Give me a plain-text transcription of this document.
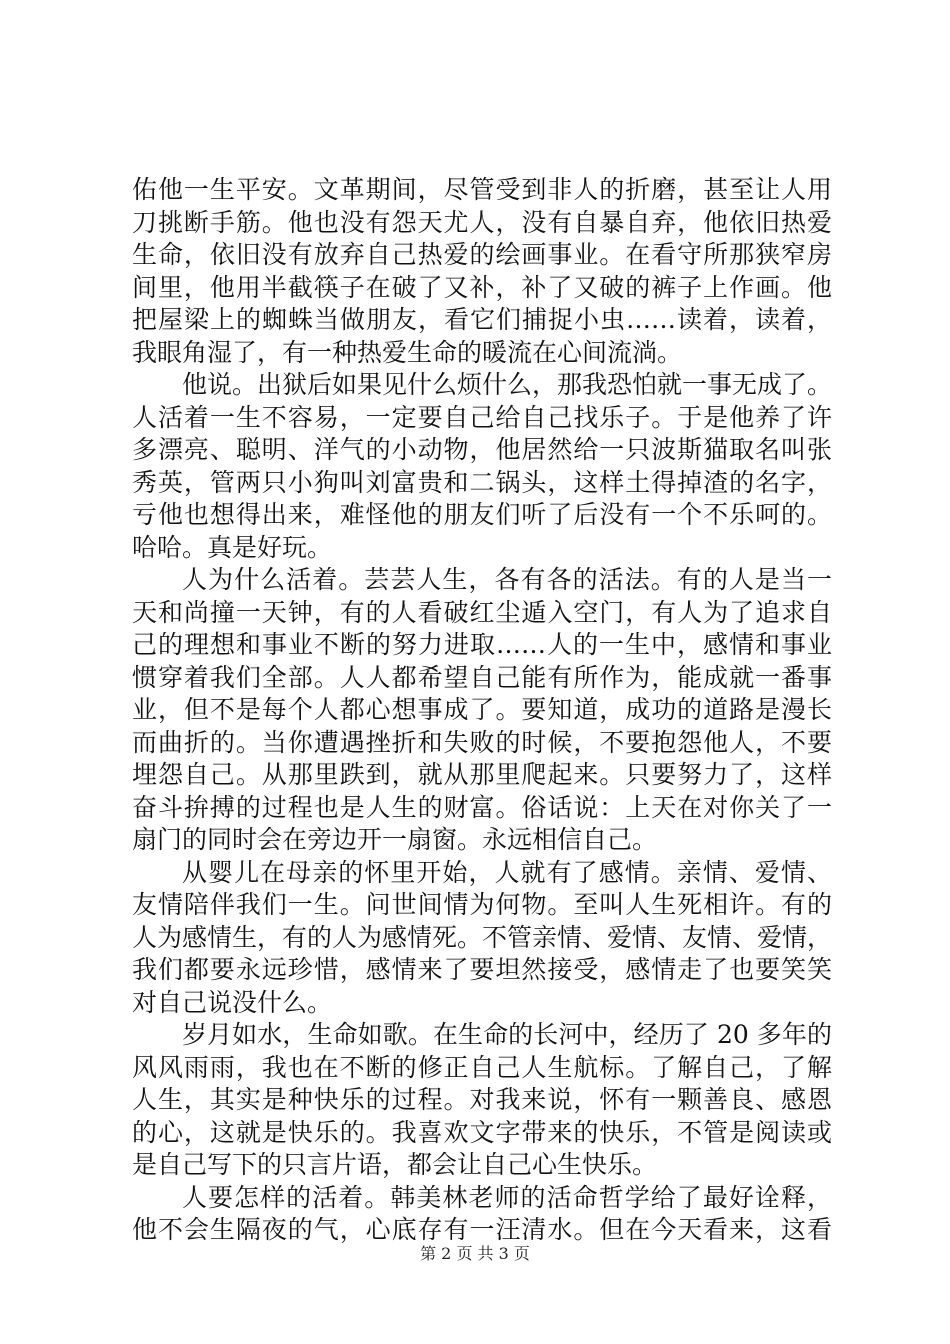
佑他一生平安。文革期间，尽管受到非人的折磨，甚至让人用
刀挑断手筋。他也没有怨天尤人，没有自暴自弃，他依旧热爱
生命，依旧没有放弃自己热爱的绘画事业。在看守所那狭窄房
间里，他用半截筷子在破了又补，补了又破的裤子上作画。他
把屋梁上的蜘蛛当做朋友，看它们捕捉小虫……读着，读着，
我眼角湿了，有一种热爱生命的暖流在心间流淌。
他说。出狱后如果见什么烦什么，那我恐怕就一事无成了。
人活着一生不容易，一定要自己给自己找乐子。于是他养了许
多漂亮、聪明、洋气的小动物，他居然给一只波斯猫取名叫张
秀英，管两只小狗叫刘富贵和二锅头，这样土得掉渣的名字，
亏他也想得出来，难怪他的朋友们听了后没有一个不乐呵的。
哈哈。真是好玩。
人为什么活着。芸芸人生，各有各的活法。有的人是当一
天和尚撞一天钟，有的人看破红尘遁入空门，有人为了追求自
己的理想和事业不断的努力进取……人的一生中，感情和事业
惯穿着我们全部。人人都希望自己能有所作为，能成就一番事
业，但不是每个人都心想事成了。要知道，成功的道路是漫长
而曲折的。当你遭遇挫折和失败的时候，不要抱怨他人，不要
埋怨自己。从那里跌到，就从那里爬起来。只要努力了，这样
奋斗拚搏的过程也是人生的财富。俗话说：上天在对你关了一
扇门的同时会在旁边开一扇窗。永远相信自己。
从婴儿在母亲的怀里开始，人就有了感情。亲情、爱情、
友情陪伴我们一生。问世间情为何物。至叫人生死相许。有的
人为感情生，有的人为感情死。不管亲情、爱情、友情、爱情，
我们都要永远珍惜，感情来了要坦然接受，感情走了也要笑笑
对自己说没什么。
岁月如水，生命如歌。在生命的长河中，经历了 20 多年的
风风雨雨，我也在不断的修正自己人生航标。了解自己，了解
人生，其实是种快乐的过程。对我来说，怀有一颗善良、感恩
的心，这就是快乐的。我喜欢文字带来的快乐，不管是阅读或
是自己写下的只言片语，都会让自己心生快乐。
人要怎样的活着。韩美林老师的活命哲学给了最好诠释，
他不会生隔夜的气，心底存有一汪清水。但在今天看来，这看
第 2 页 共 3 页
